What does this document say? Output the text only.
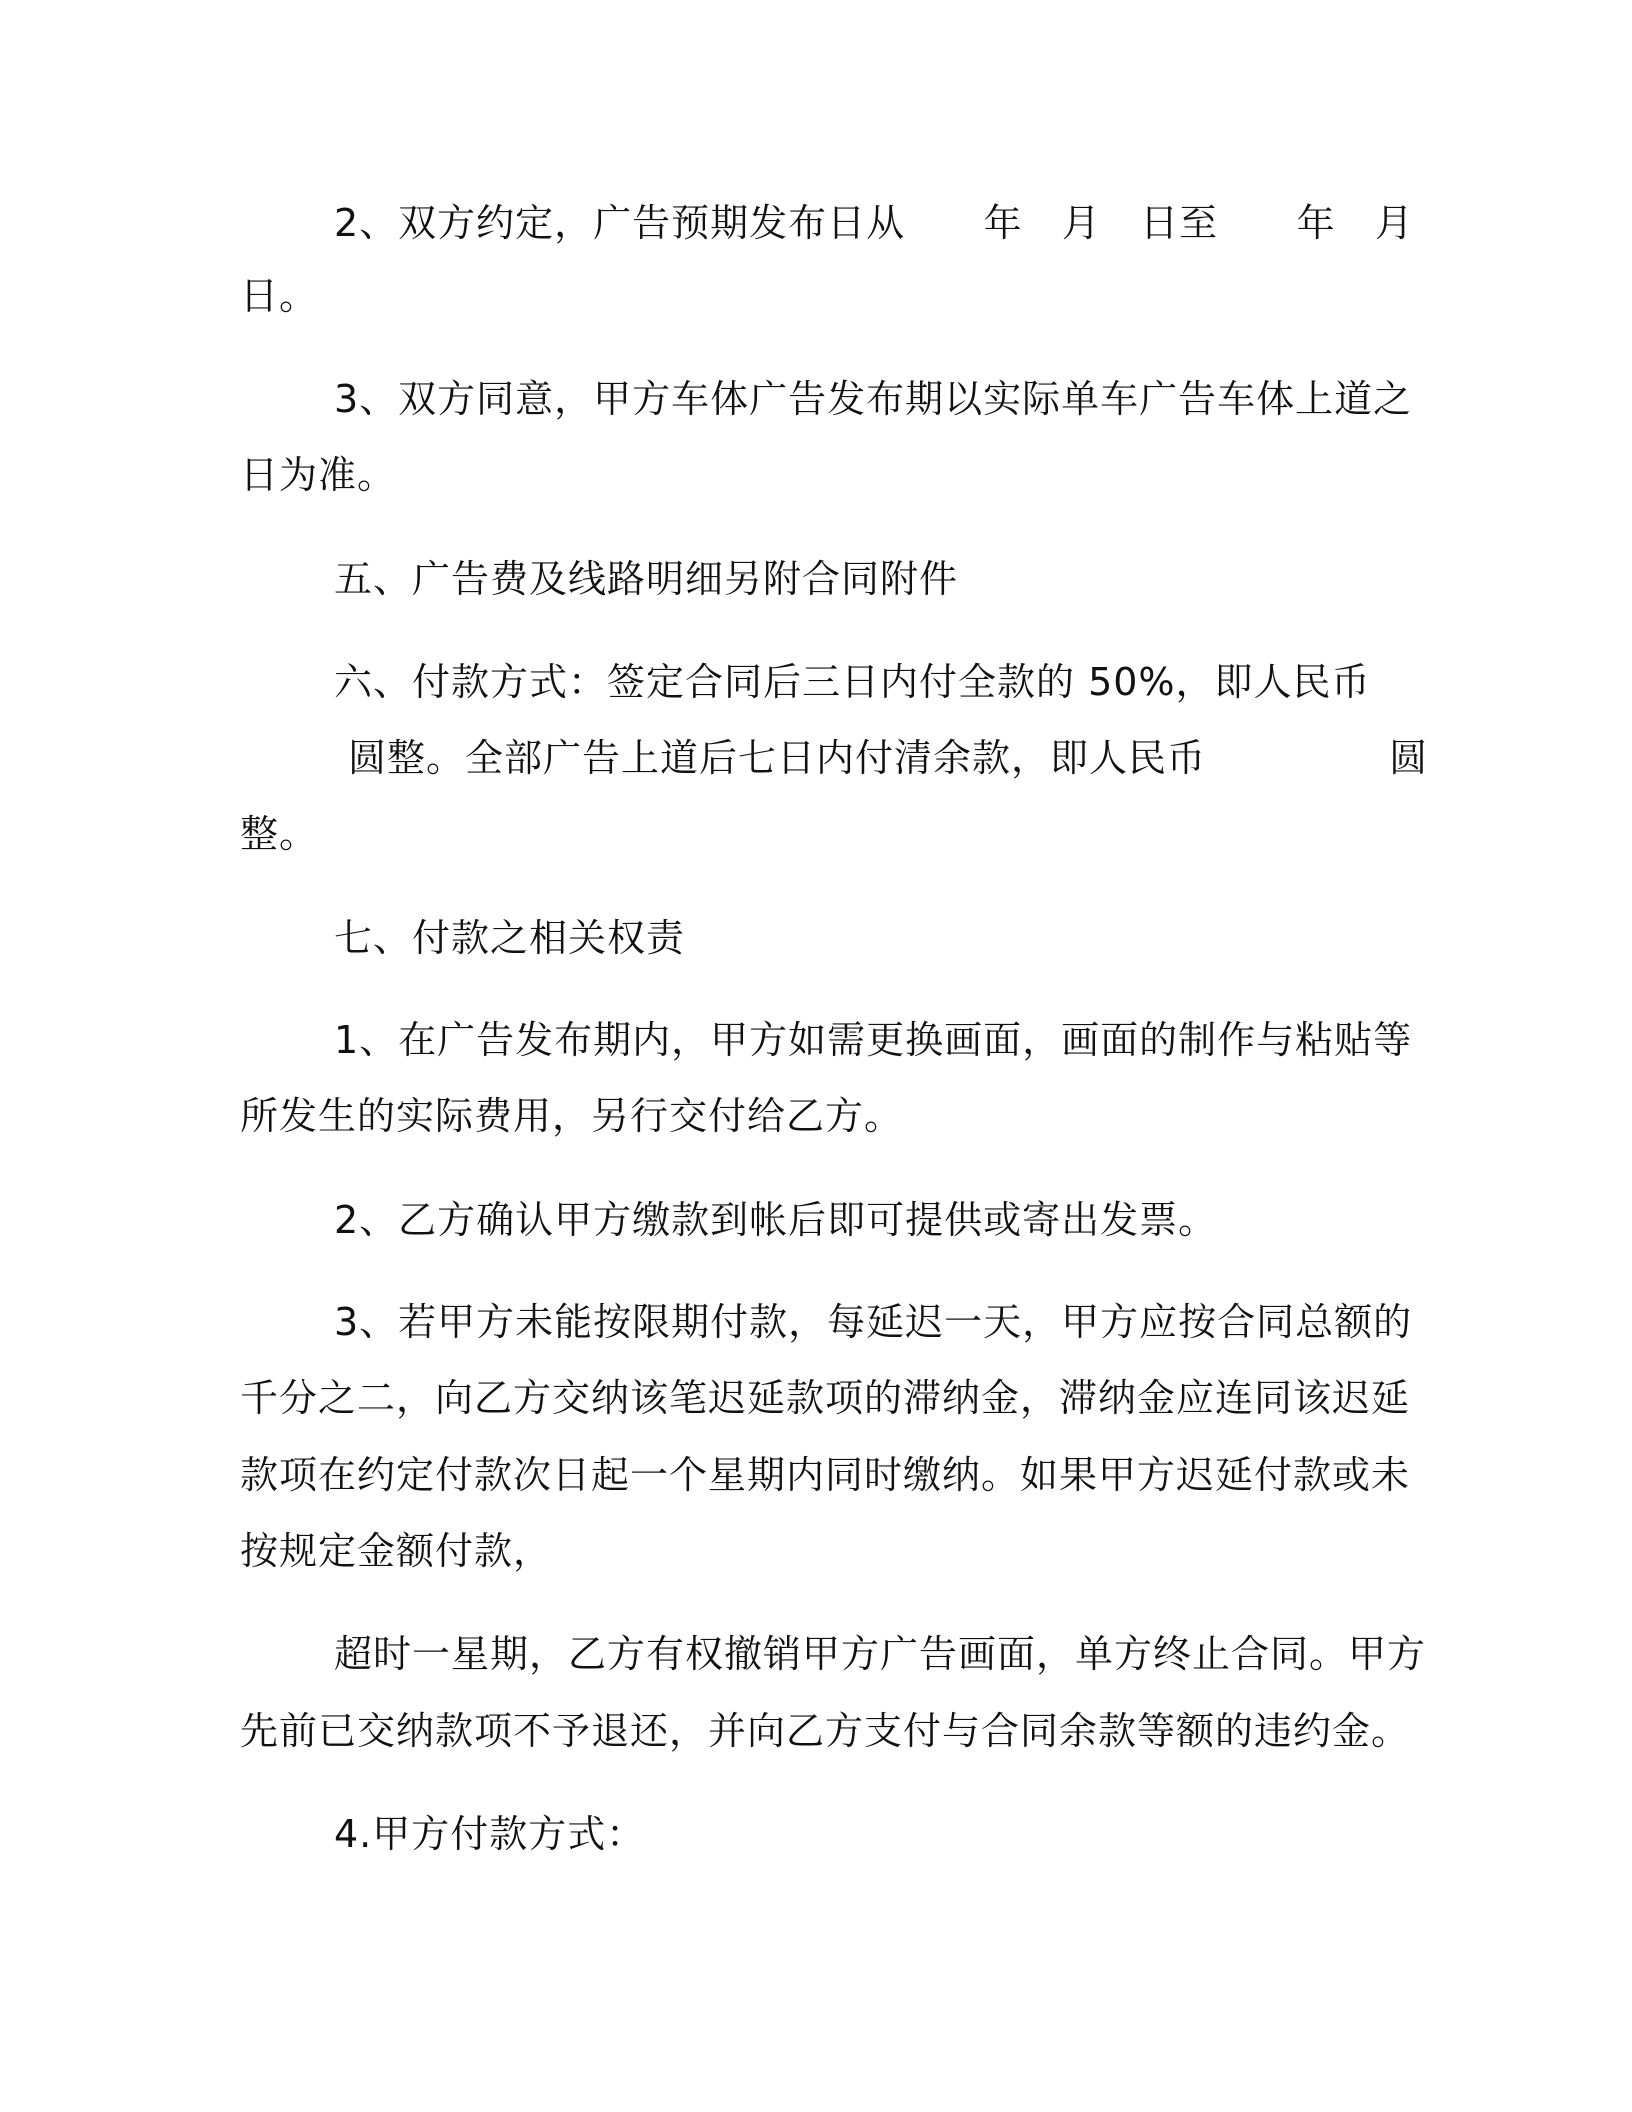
2、双方约定，广告预期发布日从      年   月   日至      年   月
日。
3、双方同意，甲方车体广告发布期以实际单车广告车体上道之
日为准。
五、广告费及线路明细另附合同附件
六、付款方式：签定合同后三日内付全款的 50%，即人民币
圆整。全部广告上道后七日内付清余款，即人民币              圆
整。
七、付款之相关权责
1、在广告发布期内，甲方如需更换画面，画面的制作与粘贴等
所发生的实际费用，另行交付给乙方。
2、乙方确认甲方缴款到帐后即可提供或寄出发票。
3、若甲方未能按限期付款，每延迟一天，甲方应按合同总额的
千分之二，向乙方交纳该笔迟延款项的滞纳金，滞纳金应连同该迟延
款项在约定付款次日起一个星期内同时缴纳。如果甲方迟延付款或未
按规定金额付款，
超时一星期，乙方有权撤销甲方广告画面，单方终止合同。甲方
先前已交纳款项不予退还，并向乙方支付与合同余款等额的违约金。
4.甲方付款方式：
